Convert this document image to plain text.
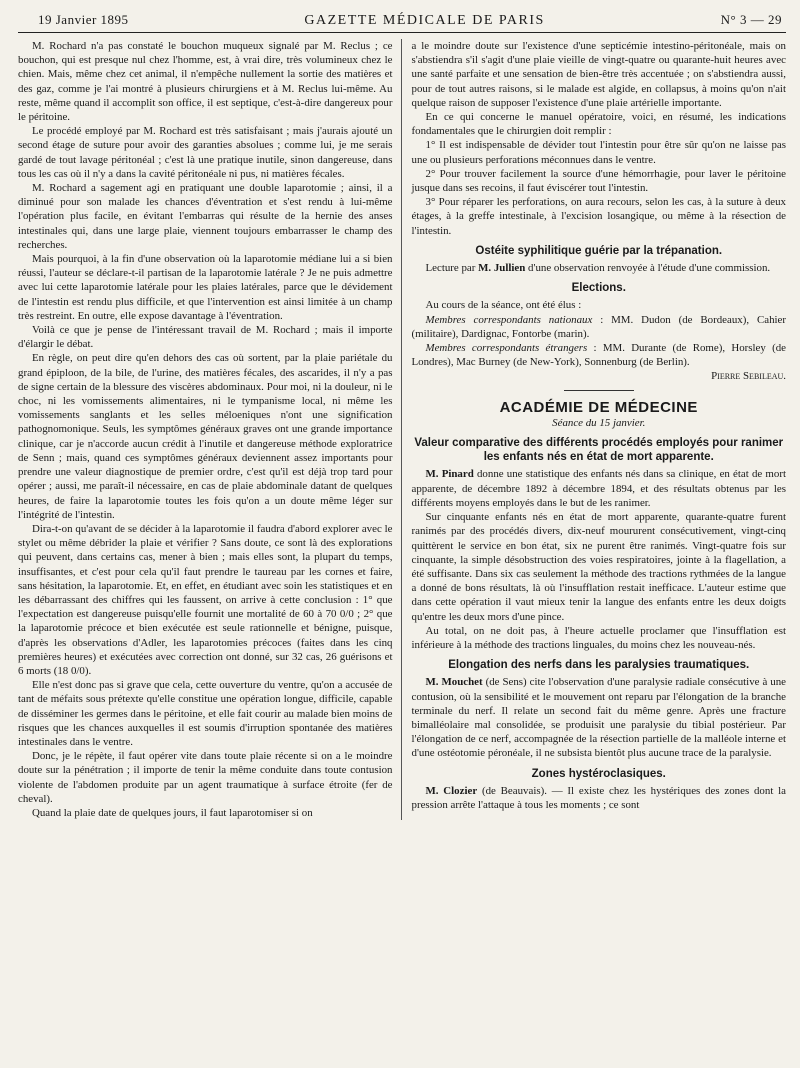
19 Janvier 1895	GAZETTE MÉDICALE DE PARIS	N° 3 — 29

M. Rochard n'a pas constaté le bouchon muqueux signalé par M. Reclus ; ce bouchon, qui est presque nul chez l'homme, est, à vrai dire, très volumineux chez le chien. Mais, même chez cet animal, il n'empêche nullement la sortie des matières et des gaz, comme je l'ai montré à plusieurs chirurgiens et à M. Reclus lui-même. Au reste, même quand il accomplit son office, il est septique, c'est-à-dire dangereux pour le péritoine.

Le procédé employé par M. Rochard est très satisfaisant ; mais j'aurais ajouté un second étage de suture pour avoir des garanties absolues ; comme lui, je me serais gardé de tout lavage péritonéal ; c'est là une pratique inutile, sinon dangereuse, dans tous les cas où il n'y a dans la cavité péritonéale ni pus, ni matières fécales.

M. Rochard a sagement agi en pratiquant une double laparotomie ; ainsi, il a diminué pour son malade les chances d'éventration et s'est rendu à lui-même l'opération plus facile, en évitant l'embarras qui résulte de la hernie des anses intestinales qui, dans une large plaie, viennent toujours embarrasser le champ des recherches.

Mais pourquoi, à la fin d'une observation où la laparotomie médiane lui a si bien réussi, l'auteur se déclare-t-il partisan de la laparotomie latérale ? Je ne puis admettre avec lui cette laparotomie latérale pour les plaies latérales, parce que le dévidement de l'intestin est rendu plus difficile, et que l'intervention est ainsi limitée à un champ très restreint. En outre, elle expose davantage à l'éventration.

Voilà ce que je pense de l'intéressant travail de M. Rochard ; mais il importe d'élargir le débat.

En règle, on peut dire qu'en dehors des cas où sortent, par la plaie pariétale du grand épiploon, de la bile, de l'urine, des matières fécales, des ascarides, il n'y a pas de signe certain de la blessure des viscères abdominaux. Pour moi, ni la douleur, ni le choc, ni les vomissements alimentaires, ni le tympanisme local, ni même les vomissements sanglants et les selles méloeniques n'ont une signification pathognomonique. Seuls, les symptômes généraux graves ont une grande importance clinique, car je n'accorde aucun crédit à l'inutile et dangereuse méthode exploratrice de Senn ; mais, quand ces symptômes généraux deviennent assez importants pour prendre une valeur diagnostique de premier ordre, c'est qu'il est déjà trop tard pour opérer ; aussi, me paraît-il nécessaire, en cas de plaie abdominale datant de quelques heures, de faire la laparotomie toutes les fois qu'on a un doute même léger sur l'intégrité de l'intestin.

Dira-t-on qu'avant de se décider à la laparotomie il faudra d'abord explorer avec le stylet ou même débrider la plaie et vérifier ? Sans doute, ce sont là des explorations qui peuvent, dans certains cas, mener à bien ; mais elles sont, la plupart du temps, insuffisantes, et c'est pour cela qu'il faut prendre le taureau par les cornes et faire, sans hésitation, la laparotomie. Et, en effet, en étudiant avec soin les statistiques et en les débarrassant des chiffres qui les faussent, on arrive à cette conclusion : 1° que l'expectation est dangereuse puisqu'elle fournit une mortalité de 60 à 70 0/0 ; 2° que la laparotomie précoce et bien exécutée est seule rationnelle et bénigne, puisque, d'après les observations d'Adler, les laparotomies précoces (faites dans les cinq premières heures) et exécutées avec correction ont donné, sur 32 cas, 26 guérisons et 6 morts (18 0/0).

Elle n'est donc pas si grave que cela, cette ouverture du ventre, qu'on a accusée de tant de méfaits sous prétexte qu'elle constitue une opération longue, difficile, capable de disséminer les germes dans le péritoine, et elle fait courir au malade bien moins de risques que les chances auxquelles il est soumis d'irruption spontanée des matières intestinales dans le ventre.

Donc, je le répète, il faut opérer vite dans toute plaie récente si on a le moindre doute sur la pénétration ; il importe de tenir la même conduite dans toute contusion violente de l'abdomen produite par un agent traumatique à surface étroite (fer de cheval).

Quand la plaie date de quelques jours, il faut laparotomiser si on

a le moindre doute sur l'existence d'une septicémie intestino-péritonéale, mais on s'abstiendra s'il s'agit d'une plaie vieille de vingt-quatre ou quarante-huit heures avec une santé parfaite et une sensation de bien-être très accentuée ; on s'abstiendra aussi, pour de tout autres raisons, si le malade est algide, en collapsus, à moins qu'on n'ait quelque raison de supposer l'existence d'une plaie artérielle importante.

En ce qui concerne le manuel opératoire, voici, en résumé, les indications fondamentales que le chirurgien doit remplir :

1° Il est indispensable de dévider tout l'intestin pour être sûr qu'on ne laisse pas une ou plusieurs perforations méconnues dans le ventre.

2° Pour trouver facilement la source d'une hémorrhagie, pour laver le péritoine jusque dans ses recoins, il faut éviscérer tout l'intestin.

3° Pour réparer les perforations, on aura recours, selon les cas, à la suture à deux étages, à la greffe intestinale, à l'excision losangique, ou même à la résection de l'intestin.

Ostéite syphilitique guérie par la trépanation.

Lecture par M. Jullien d'une observation renvoyée à l'étude d'une commission.

Elections.

Au cours de la séance, ont été élus :

Membres correspondants nationaux : MM. Dudon (de Bordeaux), Cahier (militaire), Dardignac, Fontorbe (marin).

Membres correspondants étrangers : MM. Durante (de Rome), Horsley (de Londres), Mac Burney (de New-York), Sonnenburg (de Berlin).

Pierre Sebileau.
ACADÉMIE DE MÉDECINE
Séance du 15 janvier.
Valeur comparative des différents procédés employés pour ranimer les enfants nés en état de mort apparente.

M. Pinard donne une statistique des enfants nés dans sa clinique, en état de mort apparente, de décembre 1892 à décembre 1894, et des résultats obtenus par les différents moyens employés dans le but de les ranimer.

Sur cinquante enfants nés en état de mort apparente, quarante-quatre furent ranimés par des procédés divers, dix-neuf moururent consécutivement, vingt-cinq quittèrent le service en bon état, six ne purent être ranimés. Vingt-quatre fois sur cinquante, la simple désobstruction des voies respiratoires, jointe à la flagellation, a été suffisante. Dans six cas seulement la méthode des tractions rythmées de la langue a donné de bons résultats, là où l'insufflation restait inefficace. L'auteur estime que dans cette opération il vaut mieux tenir la langue des enfants entre les deux doigts qu'entre les deux mors d'une pince.

Au total, on ne doit pas, à l'heure actuelle proclamer que l'insufflation est inférieure à la méthode des tractions linguales, du moins chez les nouveau-nés.

Elongation des nerfs dans les paralysies traumatiques.

M. Mouchet (de Sens) cite l'observation d'une paralysie radiale consécutive à une contusion, où la sensibilité et le mouvement ont reparu par l'élongation de la branche terminale du nerf. Il relate un second fait du même genre. Après une fracture bimalléolaire mal consolidée, se produisit une paralysie du tibial postérieur. Par l'élongation de ce nerf, accompagnée de la résection partielle de la malléole interne et d'une ostéotomie péronéale, il ne subsista bientôt plus aucune trace de la paralysie.

Zones hystéroclasiques.

M. Clozier (de Beauvais). — Il existe chez les hystériques des zones dont la pression arrête l'attaque à tous les moments ; ce sont
